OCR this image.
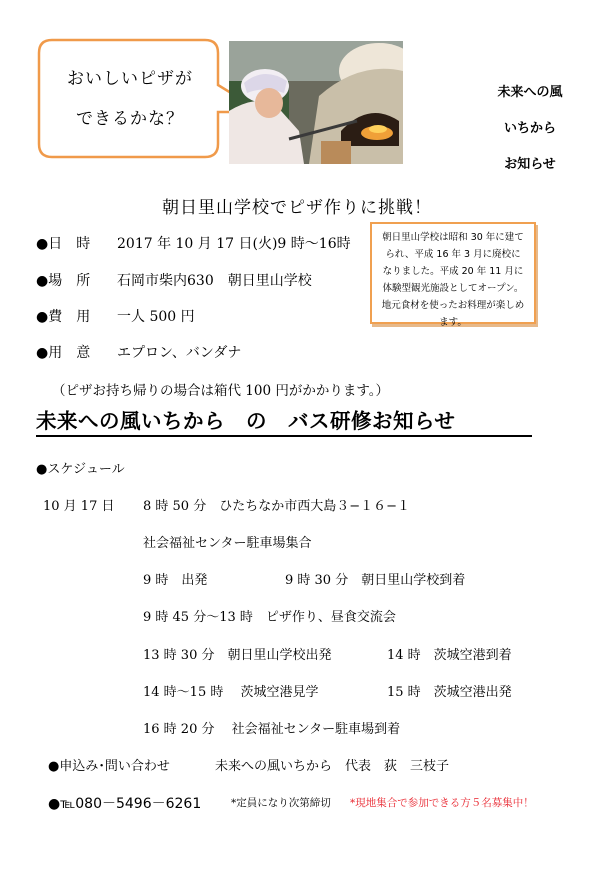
おいしいピザが
できるかな？
未来への風
いちから
お知らせ
朝日里山学校でピザ作りに挑戦！
●日　時 2017 年 10 月 17 日(火)9 時〜16時
●場　所 石岡市柴内630　朝日里山学校
●費　用 一人 500 円
●用　意 エプロン、バンダナ
（ピザお持ち帰りの場合は箱代 100 円がかかります。）
朝日里山学校は昭和 30 年に建てられ、平成 16 年 3 月に廃校になりました。平成 20 年 11 月に体験型観光施設としてオープン。地元食材を使ったお料理が楽しめます。
未来への風いちから　の　バス研修お知らせ
●スケジュール
10 月 17 日 8 時 50 分　ひたちなか市西大島３−１６−１
社会福祉センター駐車場集合
9 時　出発	9 時 30 分　朝日里山学校到着
9 時 45 分〜13 時　ピザ作り、昼食交流会
13 時 30 分　朝日里山学校出発	14 時　茨城空港到着
14 時〜15 時　 茨城空港見学	15 時　茨城空港出発
16 時 20 分　 社会福祉センター駐車場到着
●申込み･問い合わせ	未来への風いちから　代表　荻　三枝子
●℡080－5496－6261	*定員になり次第締切 *現地集合で参加できる方５名募集中！
